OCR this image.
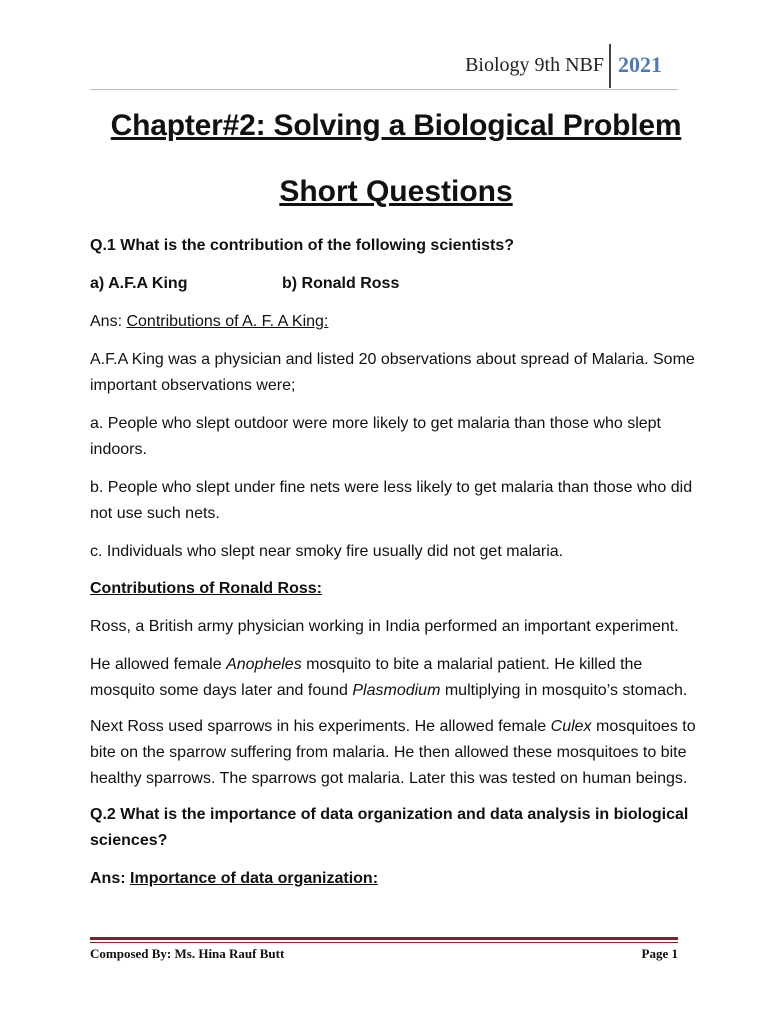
Biology 9th NBF 2021
Chapter#2: Solving a Biological Problem
Short Questions

Q.1 What is the contribution of the following scientists?

a) A.F.A King	b) Ronald Ross

Ans: Contributions of A. F. A King:

A.F.A King was a physician and listed 20 observations about spread of Malaria. Some important observations were;

a. People who slept outdoor were more likely to get malaria than those who slept indoors.

b. People who slept under fine nets were less likely to get malaria than those who did not use such nets.

c. Individuals who slept near smoky fire usually did not get malaria.

Contributions of Ronald Ross:

Ross, a British army physician working in India performed an important experiment.

He allowed female Anopheles mosquito to bite a malarial patient. He killed the mosquito some days later and found Plasmodium multiplying in mosquito’s stomach.

Next Ross used sparrows in his experiments. He allowed female Culex mosquitoes to bite on the sparrow suffering from malaria. He then allowed these mosquitoes to bite healthy sparrows. The sparrows got malaria. Later this was tested on human beings.

Q.2 What is the importance of data organization and data analysis in biological sciences?

Ans: Importance of data organization:

Composed By: Ms. Hina Rauf Butt	Page 1
